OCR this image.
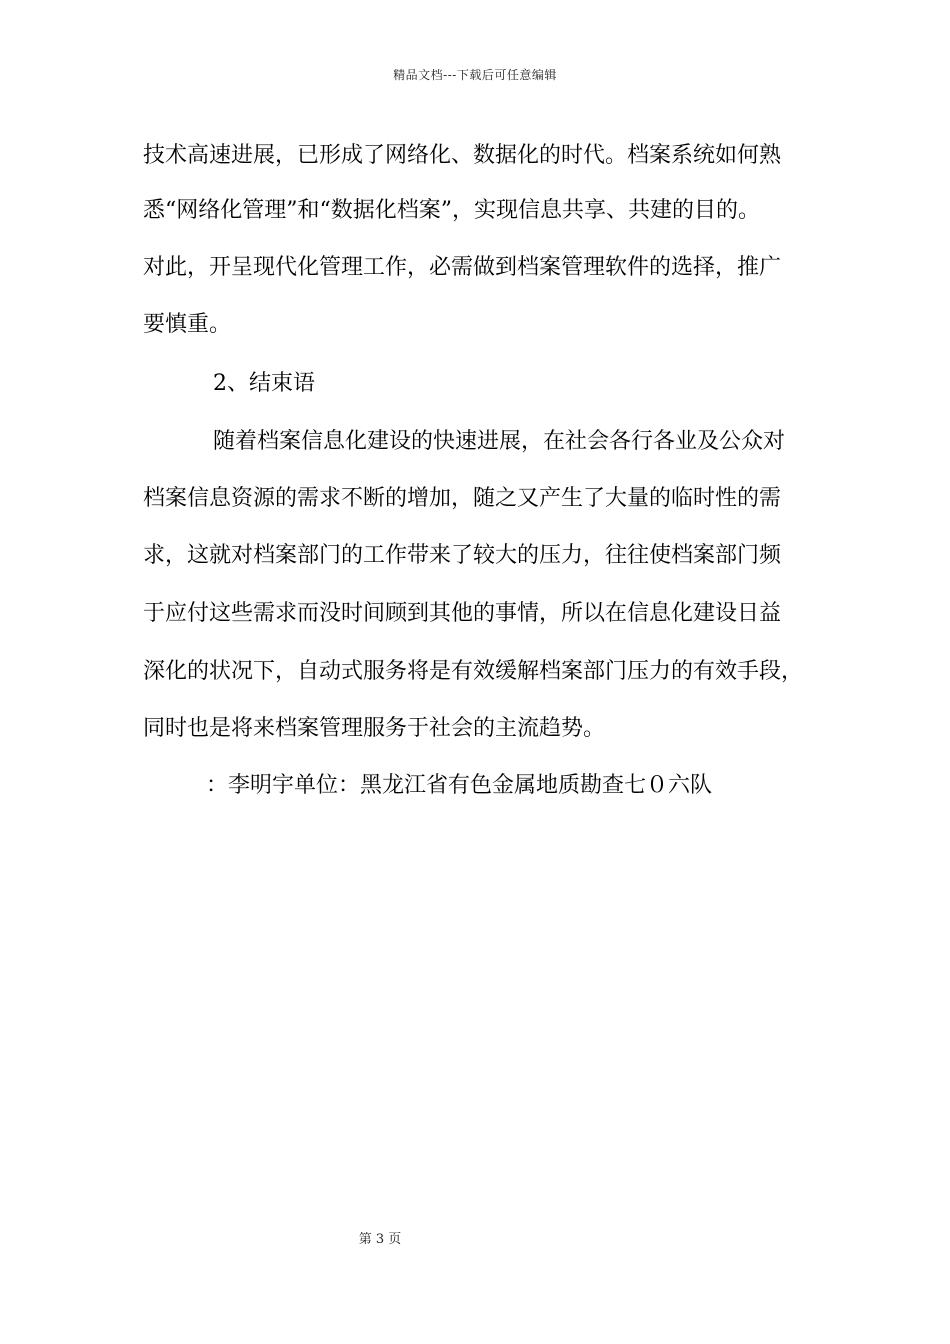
精品文档---下载后可任意编辑
技术高速进展，已形成了网络化、数据化的时代。档案系统如何熟
悉“网络化管理”和“数据化档案”，实现信息共享、共建的目的。
对此，开呈现代化管理工作，必需做到档案管理软件的选择，推广
要慎重。
2、结束语
随着档案信息化建设的快速进展，在社会各行各业及公众对
档案信息资源的需求不断的增加，随之又产生了大量的临时性的需
求，这就对档案部门的工作带来了较大的压力，往往使档案部门频
于应付这些需求而没时间顾到其他的事情，所以在信息化建设日益
深化的状况下，自动式服务将是有效缓解档案部门压力的有效手段，
同时也是将来档案管理服务于社会的主流趋势。
：李明宇单位：黑龙江省有色金属地质勘查七０六队
第 3 页
